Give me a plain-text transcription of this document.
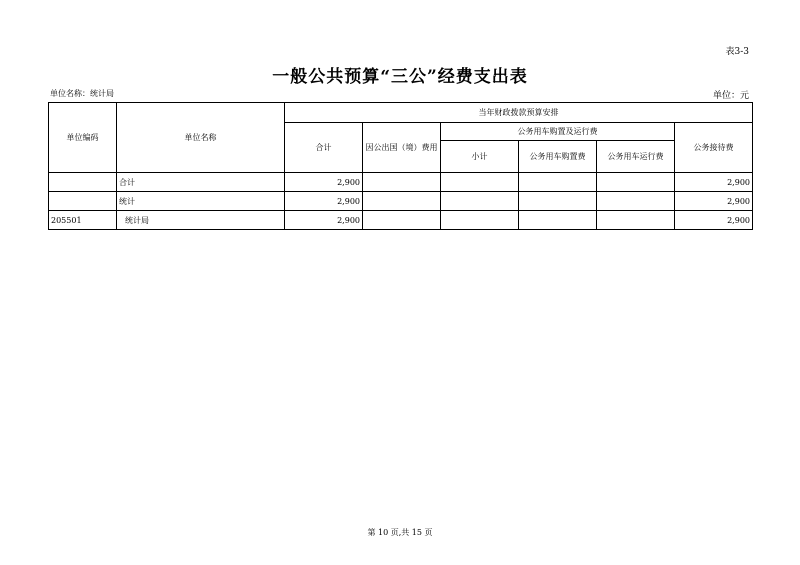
表3-3
一般公共预算“三公”经费支出表
单位名称：统计局	单位：元
单位编码	单位名称	当年财政拨款预算安排					
		合计	因公出国（境）费用	公务用车购置及运行费			公务接待费
				小计	公务用车购置费	公务用车运行费	
	合计	2,900					2,900
	统计	2,900					2,900
205501	统计局	2,900					2,900
第 10 页,共 15 页
